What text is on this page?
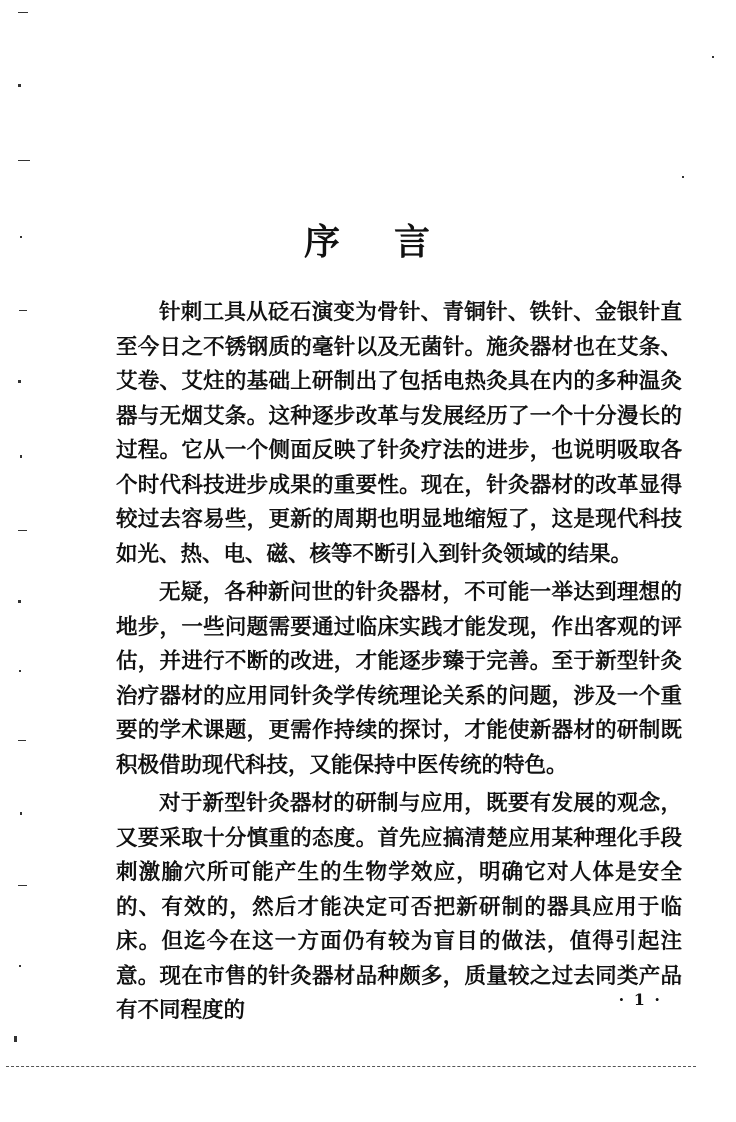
序 言

针刺工具从砭石演变为骨针、青铜针、铁针、金银针直至今日之不锈钢质的毫针以及无菌针。施灸器材也在艾条、艾卷、艾炷的基础上研制出了包括电热灸具在内的多种温灸器与无烟艾条。这种逐步改革与发展经历了一个十分漫长的过程。它从一个侧面反映了针灸疗法的进步，也说明吸取各个时代科技进步成果的重要性。现在，针灸器材的改革显得较过去容易些，更新的周期也明显地缩短了，这是现代科技如光、热、电、磁、核等不断引入到针灸领域的结果。

无疑，各种新问世的针灸器材，不可能一举达到理想的地步，一些问题需要通过临床实践才能发现，作出客观的评估，并进行不断的改进，才能逐步臻于完善。至于新型针灸治疗器材的应用同针灸学传统理论关系的问题，涉及一个重要的学术课题，更需作持续的探讨，才能使新器材的研制既积极借助现代科技，又能保持中医传统的特色。

对于新型针灸器材的研制与应用，既要有发展的观念，又要采取十分慎重的态度。首先应搞清楚应用某种理化手段刺激腧穴所可能产生的生物学效应，明确它对人体是安全的、有效的，然后才能决定可否把新研制的器具应用于临床。但迄今在这一方面仍有较为盲目的做法，值得引起注意。现在市售的针灸器材品种颇多，质量较之过去同类产品有不同程度的	· 1 ·
